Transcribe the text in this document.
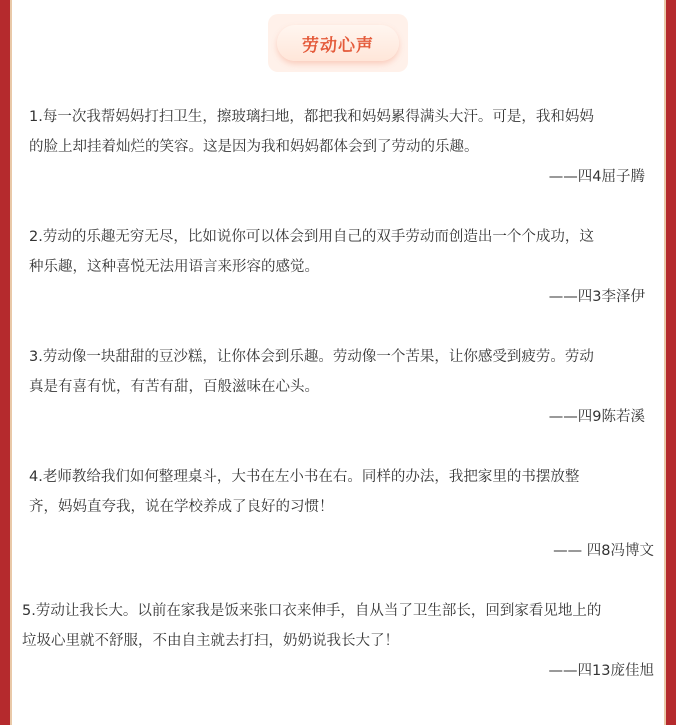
劳动心声

1.每一次我帮妈妈打扫卫生，擦玻璃扫地，都把我和妈妈累得满头大汗。可是，我和妈妈

的脸上却挂着灿烂的笑容。这是因为我和妈妈都体会到了劳动的乐趣。

——四4屈子腾

2.劳动的乐趣无穷无尽，比如说你可以体会到用自己的双手劳动而创造出一个个成功，这

种乐趣，这种喜悦无法用语言来形容的感觉。

——四3李泽伊

3.劳动像一块甜甜的豆沙糕，让你体会到乐趣。劳动像一个苦果，让你感受到疲劳。劳动

真是有喜有忧，有苦有甜，百般滋味在心头。

——四9陈若溪

4.老师教给我们如何整理桌斗，大书在左小书在右。同样的办法，我把家里的书摆放整

齐，妈妈直夸我，说在学校养成了良好的习惯！

—— 四8冯博文

5.劳动让我长大。以前在家我是饭来张口衣来伸手，自从当了卫生部长，回到家看见地上的

垃圾心里就不舒服，不由自主就去打扫，奶奶说我长大了！

——四13庞佳旭
